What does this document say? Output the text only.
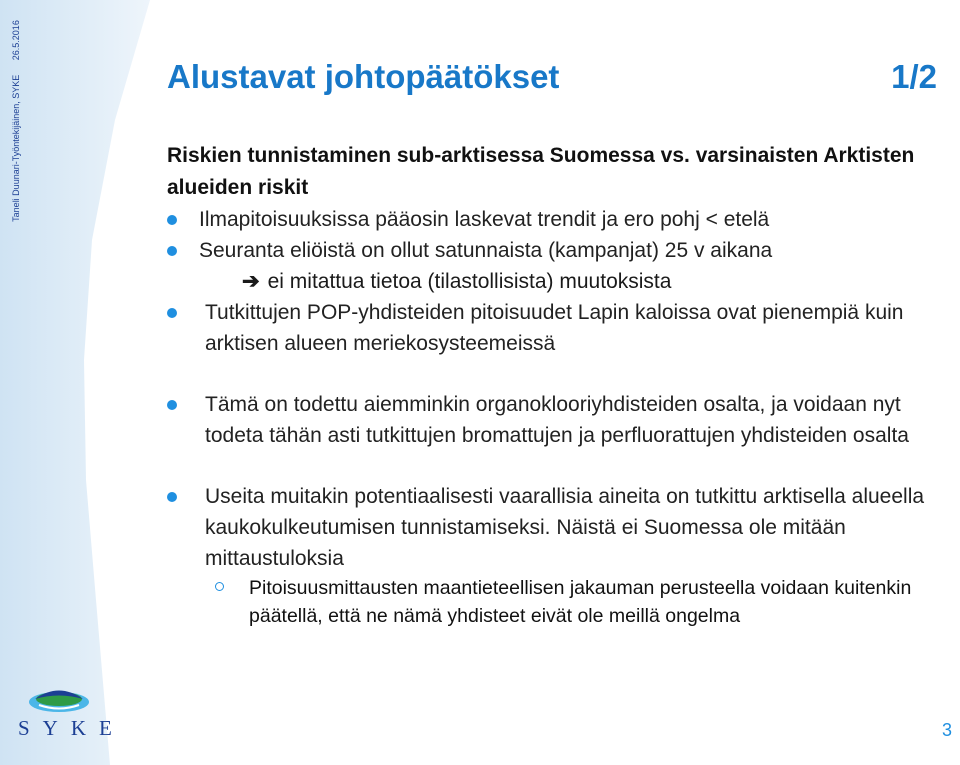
Taneli Duunari-Työntekijäinen, SYKE 26.5.2016
Alustavat johtopäätökset	1/2
Riskien tunnistaminen sub-arktisessa Suomessa vs. varsinaisten Arktisten alueiden riskit
Ilmapitoisuuksissa pääosin laskevat trendit ja ero pohj < etelä
Seuranta eliöistä on ollut satunnaista (kampanjat) 25 v aikana
➔ ei mitattua tietoa (tilastollisista) muutoksista
Tutkittujen POP-yhdisteiden pitoisuudet Lapin kaloissa ovat pienempiä kuin arktisen alueen meriekosysteemeissä
Tämä on todettu aiemminkin organoklooriyhdisteiden osalta, ja voidaan nyt todeta tähän asti tutkittujen bromattujen ja perfluorattujen yhdisteiden osalta
Useita muitakin potentiaalisesti vaarallisia aineita on tutkittu arktisella alueella kaukokulkeutumisen tunnistamiseksi. Näistä ei Suomessa ole mitään mittaustuloksia
Pitoisuusmittausten maantieteellisen jakauman perusteella voidaan kuitenkin päätellä, että ne nämä yhdisteet eivät ole meillä ongelma
SYKE	3
